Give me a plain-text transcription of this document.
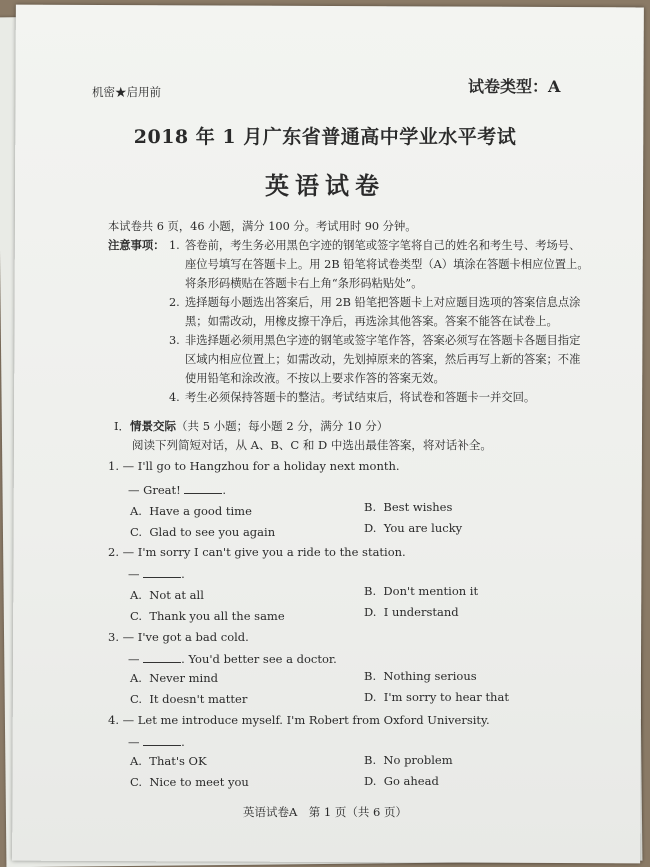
机密★启用前	试卷类型：A
2018 年 1 月广东省普通高中学业水平考试
英语试卷
本试卷共 6 页，46 小题，满分 100 分。考试用时 90 分钟。
注意事项： 1. 答卷前，考生务必用黑色字迹的钢笔或签字笔将自己的姓名和考生号、考场号、座位号填写在答题卡上。用 2B 铅笔将试卷类型（A）填涂在答题卡相应位置上。将条形码横贴在答题卡右上角“条形码粘贴处”。
2. 选择题每小题选出答案后，用 2B 铅笔把答题卡上对应题目选项的答案信息点涂黑；如需改动，用橡皮擦干净后，再选涂其他答案。答案不能答在试卷上。
3. 非选择题必须用黑色字迹的钢笔或签字笔作答，答案必须写在答题卡各题目指定区域内相应位置上；如需改动，先划掉原来的答案，然后再写上新的答案；不准使用铅笔和涂改液。不按以上要求作答的答案无效。
4. 考生必须保持答题卡的整洁。考试结束后，将试卷和答题卡一并交回。
Ⅰ．情景交际（共 5 小题；每小题 2 分，满分 10 分）
阅读下列简短对话，从 A、B、C 和 D 中选出最佳答案，将对话补全。
1. — I'll go to Hangzhou for a holiday next month.
— Great!	.
A. Have a good time	B. Best wishes
C. Glad to see you again	D. You are lucky
2. — I'm sorry I can't give you a ride to the station.
—	.
A. Not at all	B. Don't mention it
C. Thank you all the same	D. I understand
3. — I've got a bad cold.
—	. You'd better see a doctor.
A. Never mind	B. Nothing serious
C. It doesn't matter	D. I'm sorry to hear that
4. — Let me introduce myself. I'm Robert from Oxford University.
—	.
A. That's OK	B. No problem
C. Nice to meet you	D. Go ahead
英语试卷A　第 1 页（共 6 页）
